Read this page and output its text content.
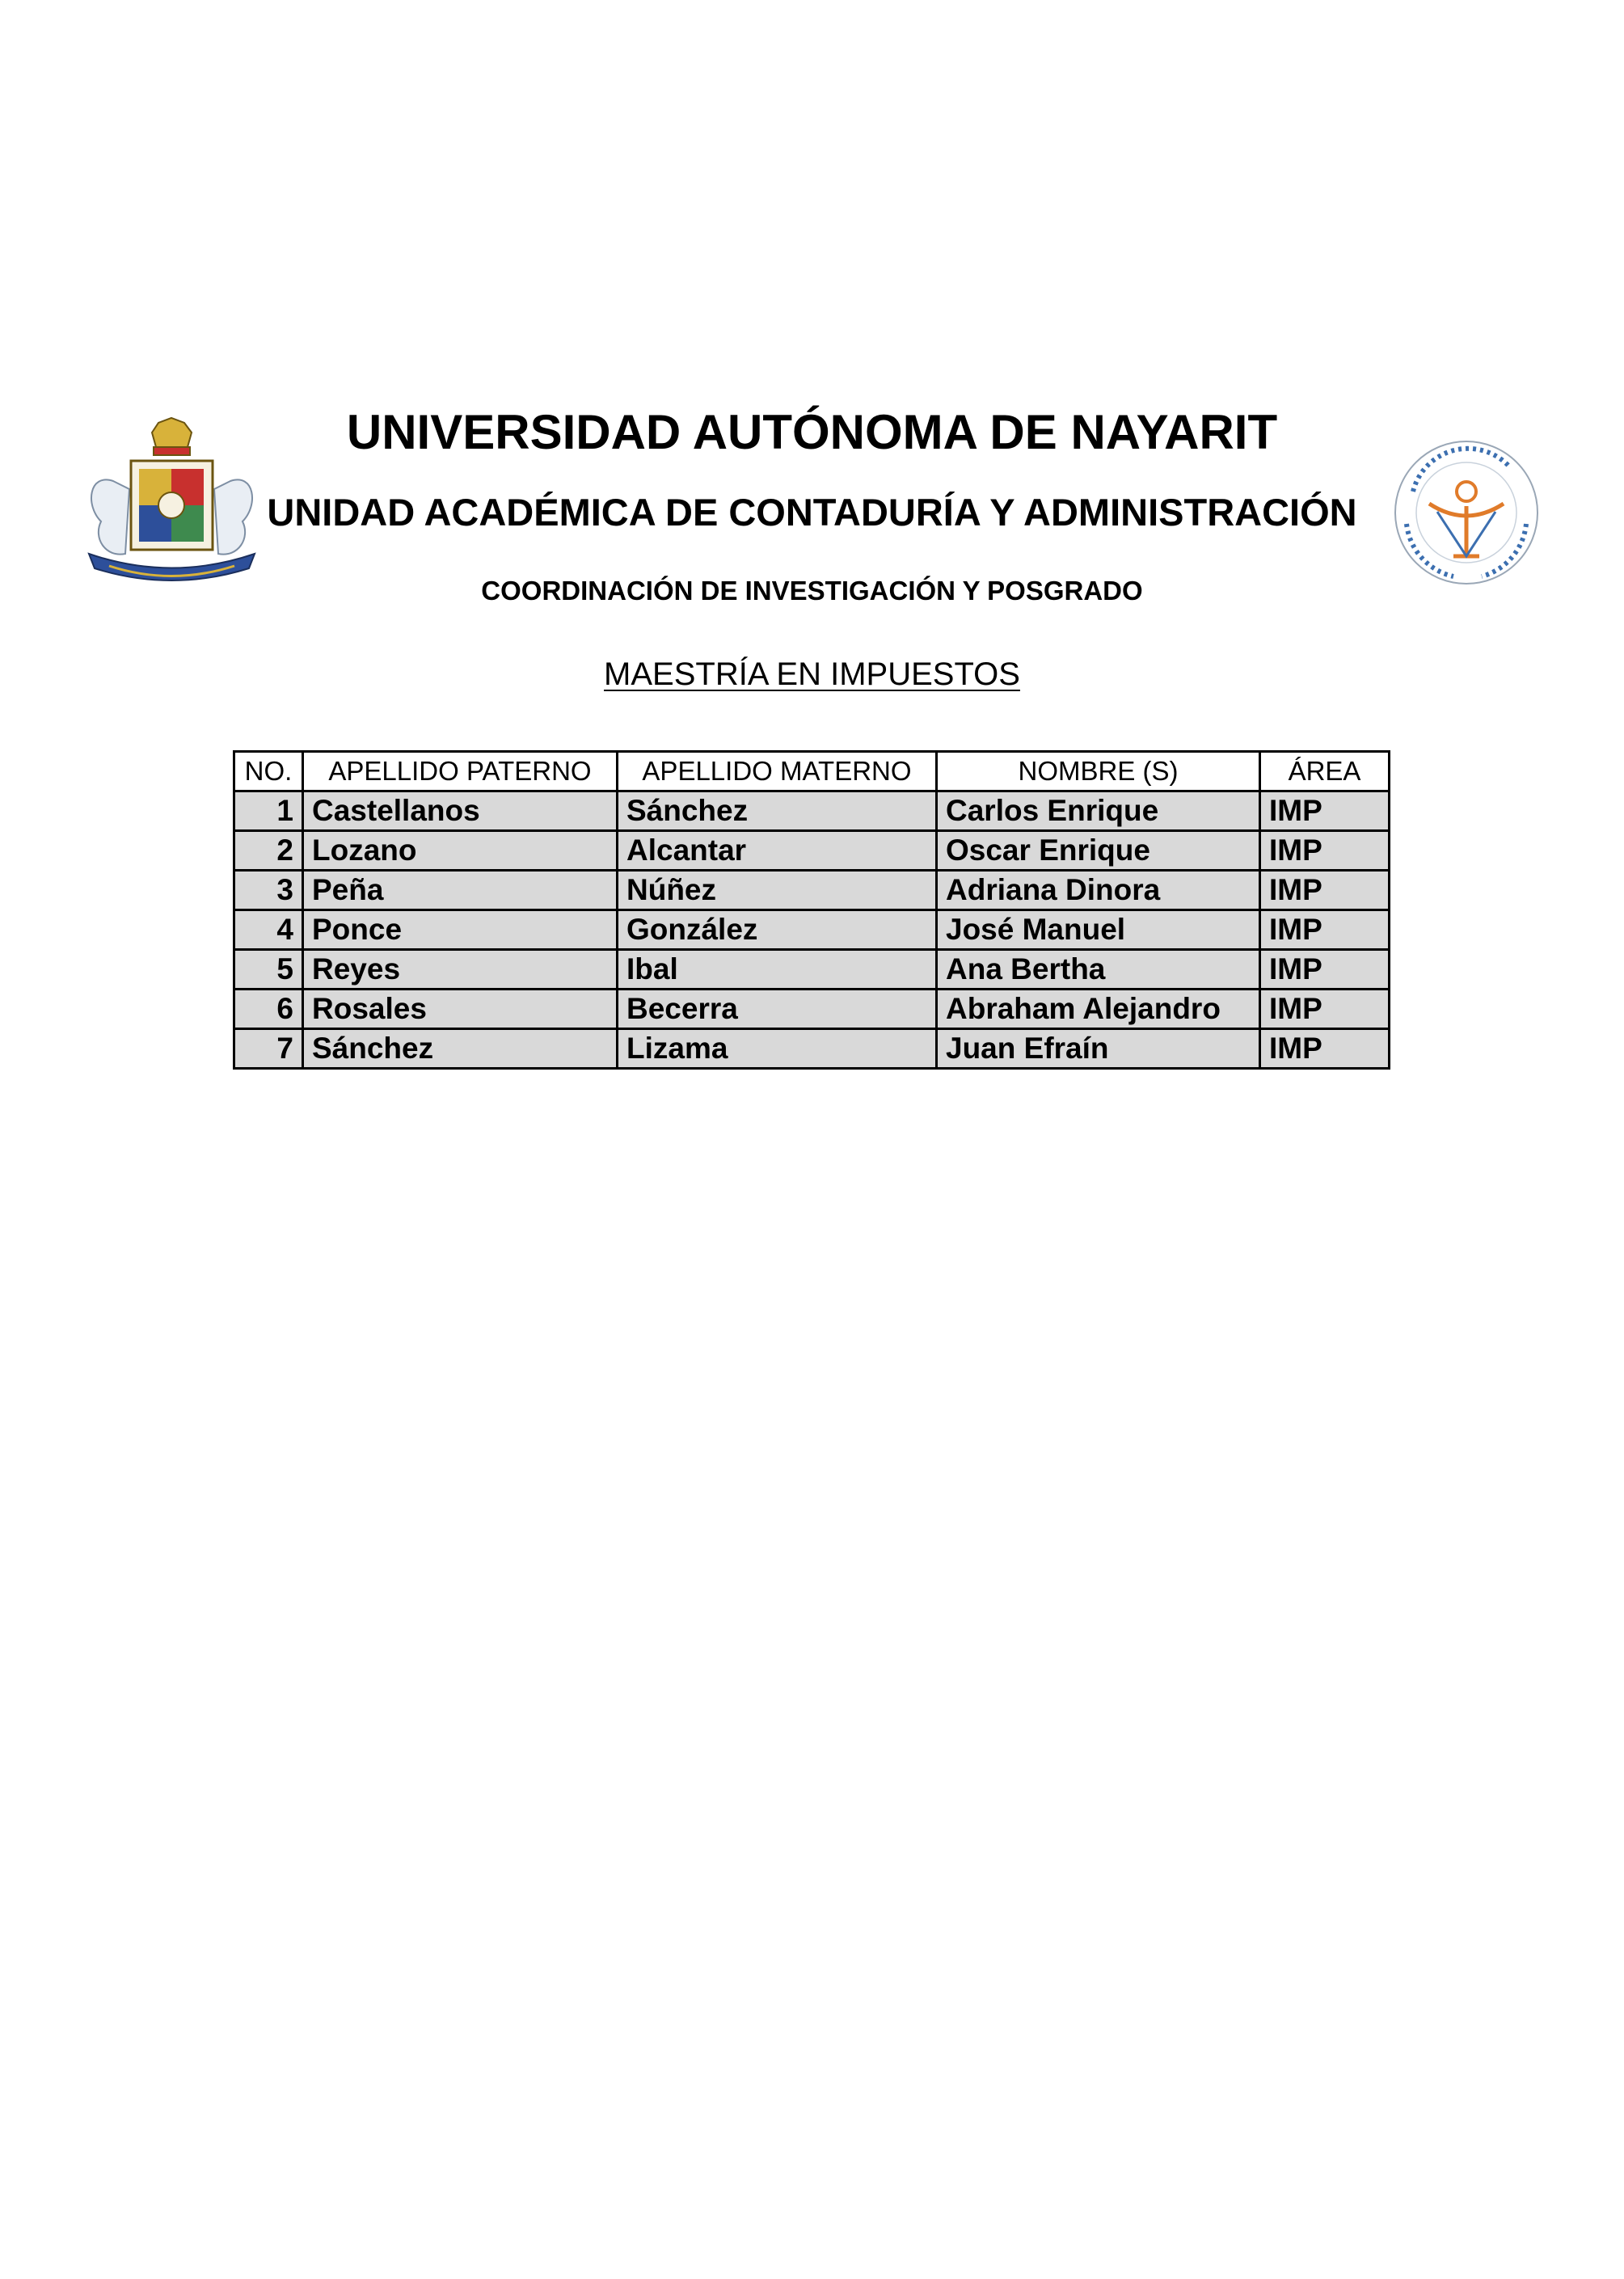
UNIVERSIDAD AUTÓNOMA DE NAYARIT
UNIDAD ACADÉMICA DE CONTADURÍA Y ADMINISTRACIÓN
COORDINACIÓN DE INVESTIGACIÓN Y POSGRADO
MAESTRÍA EN IMPUESTOS
NO.	APELLIDO PATERNO	APELLIDO MATERNO	NOMBRE (S)	ÁREA
1	Castellanos	Sánchez	Carlos Enrique	IMP
2	Lozano	Alcantar	Oscar Enrique	IMP
3	Peña	Núñez	Adriana Dinora	IMP
4	Ponce	González	José Manuel	IMP
5	Reyes	Ibal	Ana Bertha	IMP
6	Rosales	Becerra	Abraham Alejandro	IMP
7	Sánchez	Lizama	Juan Efraín	IMP
